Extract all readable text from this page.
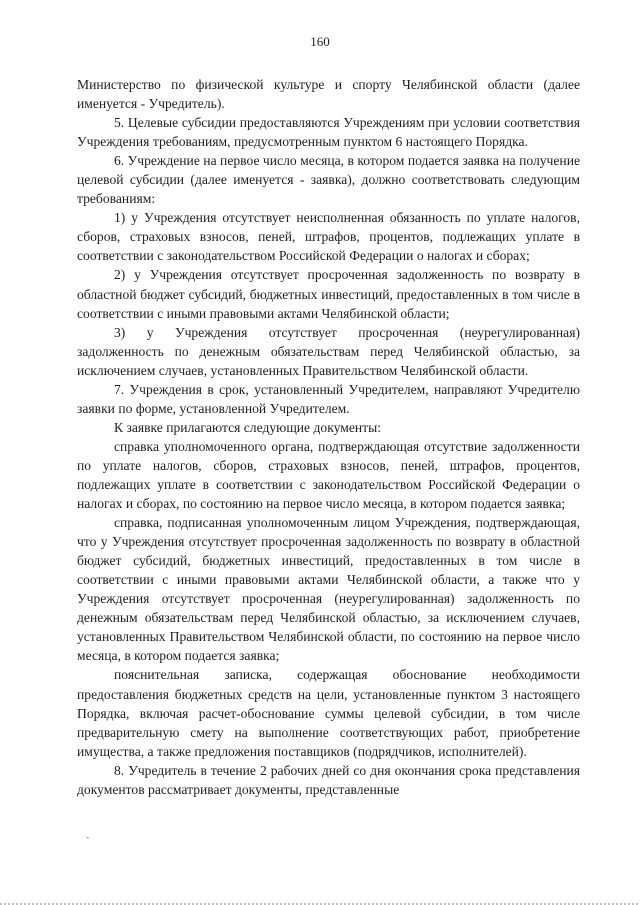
160

Министерство по физической культуре и спорту Челябинской области (далее именуется - Учредитель).

5. Целевые субсидии предоставляются Учреждениям при условии соответствия Учреждения требованиям, предусмотренным пунктом 6 настоящего Порядка.

6. Учреждение на первое число месяца, в котором подается заявка на получение целевой субсидии (далее именуется - заявка), должно соответствовать следующим требованиям:

1) у Учреждения отсутствует неисполненная обязанность по уплате налогов, сборов, страховых взносов, пеней, штрафов, процентов, подлежащих уплате в соответствии с законодательством Российской Федерации о налогах и сборах;

2) у Учреждения отсутствует просроченная задолженность по возврату в областной бюджет субсидий, бюджетных инвестиций, предоставленных в том числе в соответствии с иными правовыми актами Челябинской области;

3) у Учреждения отсутствует просроченная (неурегулированная) задолженность по денежным обязательствам перед Челябинской областью, за исключением случаев, установленных Правительством Челябинской области.

7. Учреждения в срок, установленный Учредителем, направляют Учредителю заявки по форме, установленной Учредителем.

К заявке прилагаются следующие документы:

справка уполномоченного органа, подтверждающая отсутствие задолженности по уплате налогов, сборов, страховых взносов, пеней, штрафов, процентов, подлежащих уплате в соответствии с законодательством Российской Федерации о налогах и сборах, по состоянию на первое число месяца, в котором подается заявка;

справка, подписанная уполномоченным лицом Учреждения, подтверждающая, что у Учреждения отсутствует просроченная задолженность по возврату в областной бюджет субсидий, бюджетных инвестиций, предоставленных в том числе в соответствии с иными правовыми актами Челябинской области, а также что у Учреждения отсутствует просроченная (неурегулированная) задолженность по денежным обязательствам перед Челябинской областью, за исключением случаев, установленных Правительством Челябинской области, по состоянию на первое число месяца, в котором подается заявка;

пояснительная записка, содержащая обоснование необходимости предоставления бюджетных средств на цели, установленные пунктом 3 настоящего Порядка, включая расчет-обоснование суммы целевой субсидии, в том числе предварительную смету на выполнение соответствующих работ, приобретение имущества, а также предложения поставщиков (подрядчиков, исполнителей).

8. Учредитель в течение 2 рабочих дней со дня окончания срока представления документов рассматривает документы, представленные

-
